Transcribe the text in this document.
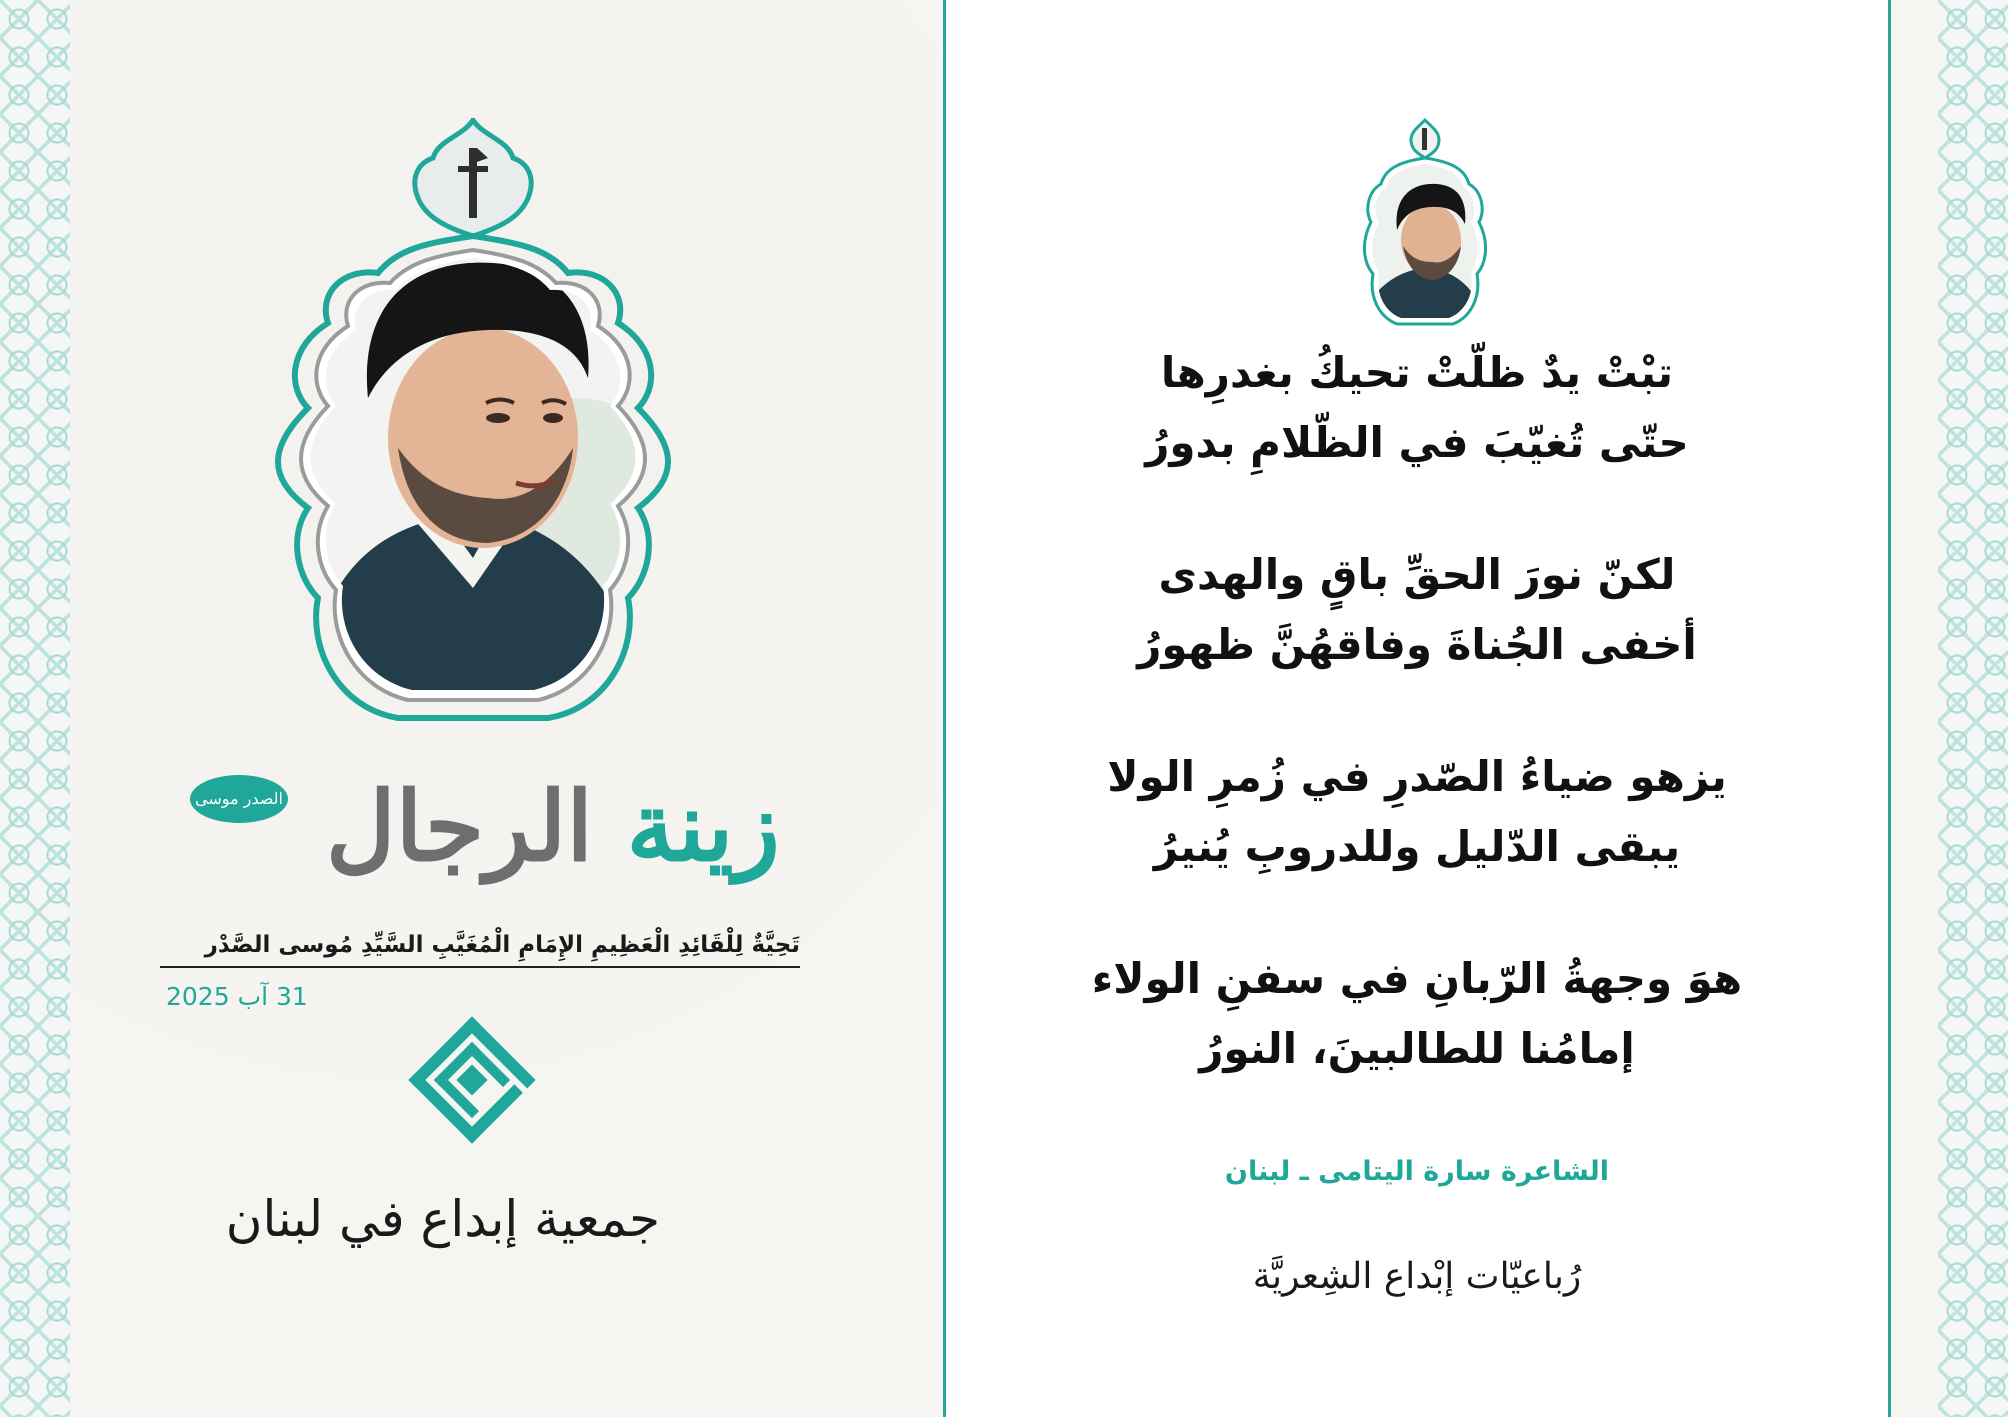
الصدر موسى	زينة الرجال
تَحِيَّةٌ لِلْقَائِدِ الْعَظِيمِ الإِمَامِ الْمُغَيَّبِ السَّيِّدِ مُوسى الصَّدْر
31 آب 2025
جمعية إبداع في لبنان
تبْتْ يدٌ ظلّتْ تحيكُ بغدرِها
حتّى تُغيّبَ في الظّلامِ بدورُ
لكنّ نورَ الحقِّ باقٍ والهدى
أخفى الجُناةَ وفاقهُنَّ ظهورُ
يزهو ضياءُ الصّدرِ في زُمرِ الولا
يبقى الدّليل وللدروبِ يُنيرُ
هوَ وجهةُ الرّبانِ في سفنِ الولاء
إمامُنا للطالبينَ، النورُ
الشاعرة سارة اليتامى ـ لبنان
رُباعيّات إبْداع الشِعريَّة
